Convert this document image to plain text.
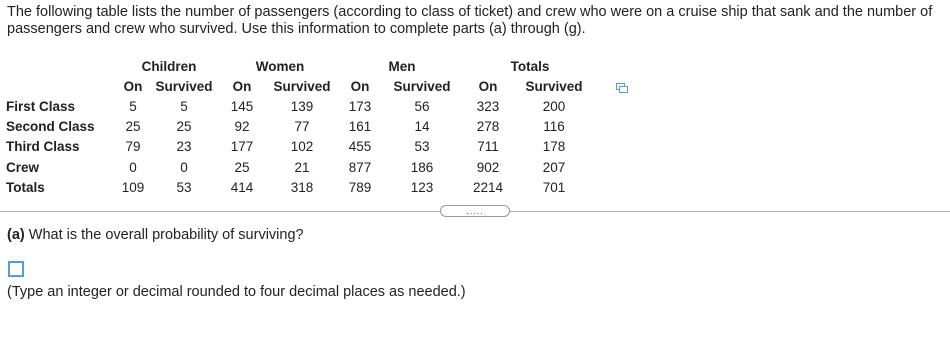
The following table lists the number of passengers (according to class of ticket) and crew who were on a cruise ship that sank and the number of passengers and crew who survived. Use this information to complete parts (a) through (g).
	Children		Women		Men		Totals	
	On	Survived	On	Survived	On	Survived	On	Survived
First Class	5	5	145	139	173	56	323	200
Second Class	25	25	92	77	161	14	278	116
Third Class	79	23	177	102	455	53	711	178
Crew	0	0	25	21	877	186	902	207
Totals	109	53	414	318	789	123	2214	701
.....
(a) What is the overall probability of surviving?
(Type an integer or decimal rounded to four decimal places as needed.)
